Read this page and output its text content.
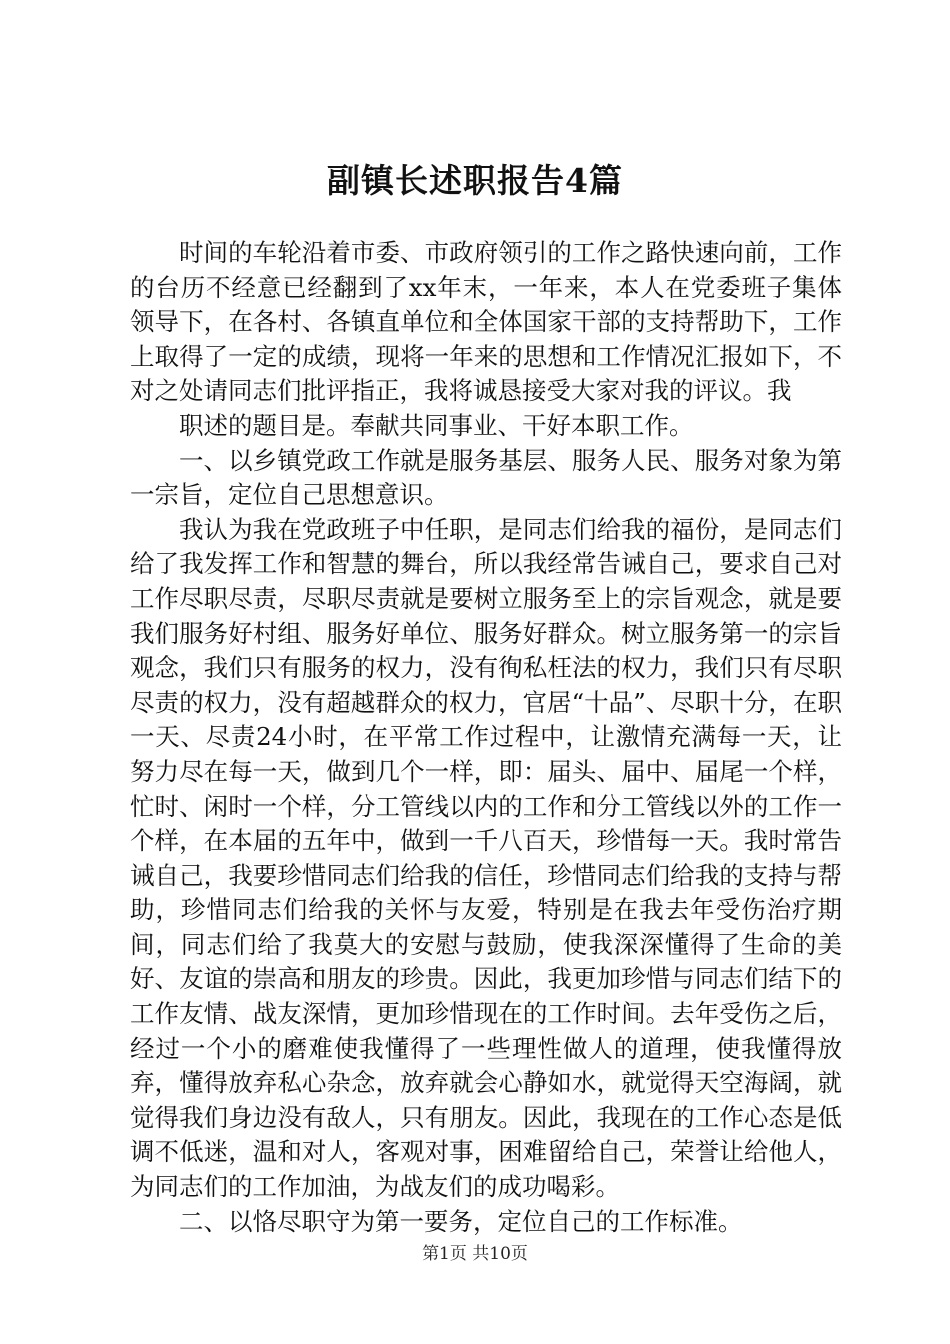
副镇长述职报告4篇

时间的车轮沿着市委、市政府领引的工作之路快速向前，工作的台历不经意已经翻到了xx年末，一年来，本人在党委班子集体领导下，在各村、各镇直单位和全体国家干部的支持帮助下，工作上取得了一定的成绩，现将一年来的思想和工作情况汇报如下，不对之处请同志们批评指正，我将诚恳接受大家对我的评议。我

职述的题目是。奉献共同事业、干好本职工作。

一、以乡镇党政工作就是服务基层、服务人民、服务对象为第一宗旨，定位自己思想意识。

我认为我在党政班子中任职，是同志们给我的福份，是同志们给了我发挥工作和智慧的舞台，所以我经常告诫自己，要求自己对工作尽职尽责，尽职尽责就是要树立服务至上的宗旨观念，就是要我们服务好村组、服务好单位、服务好群众。树立服务第一的宗旨观念，我们只有服务的权力，没有徇私枉法的权力，我们只有尽职尽责的权力，没有超越群众的权力，官居“十品”、尽职十分，在职一天、尽责24小时，在平常工作过程中，让激情充满每一天，让努力尽在每一天，做到几个一样，即：届头、届中、届尾一个样，忙时、闲时一个样，分工管线以内的工作和分工管线以外的工作一个样，在本届的五年中，做到一千八百天，珍惜每一天。我时常告诫自己，我要珍惜同志们给我的信任，珍惜同志们给我的支持与帮助，珍惜同志们给我的关怀与友爱，特别是在我去年受伤治疗期间，同志们给了我莫大的安慰与鼓励，使我深深懂得了生命的美好、友谊的崇高和朋友的珍贵。因此，我更加珍惜与同志们结下的工作友情、战友深情，更加珍惜现在的工作时间。去年受伤之后，经过一个小的磨难使我懂得了一些理性做人的道理，使我懂得放弃，懂得放弃私心杂念，放弃就会心静如水，就觉得天空海阔，就觉得我们身边没有敌人，只有朋友。因此，我现在的工作心态是低调不低迷，温和对人，客观对事，困难留给自己，荣誉让给他人，为同志们的工作加油，为战友们的成功喝彩。

二、以恪尽职守为第一要务，定位自己的工作标准。

第1页 共10页
